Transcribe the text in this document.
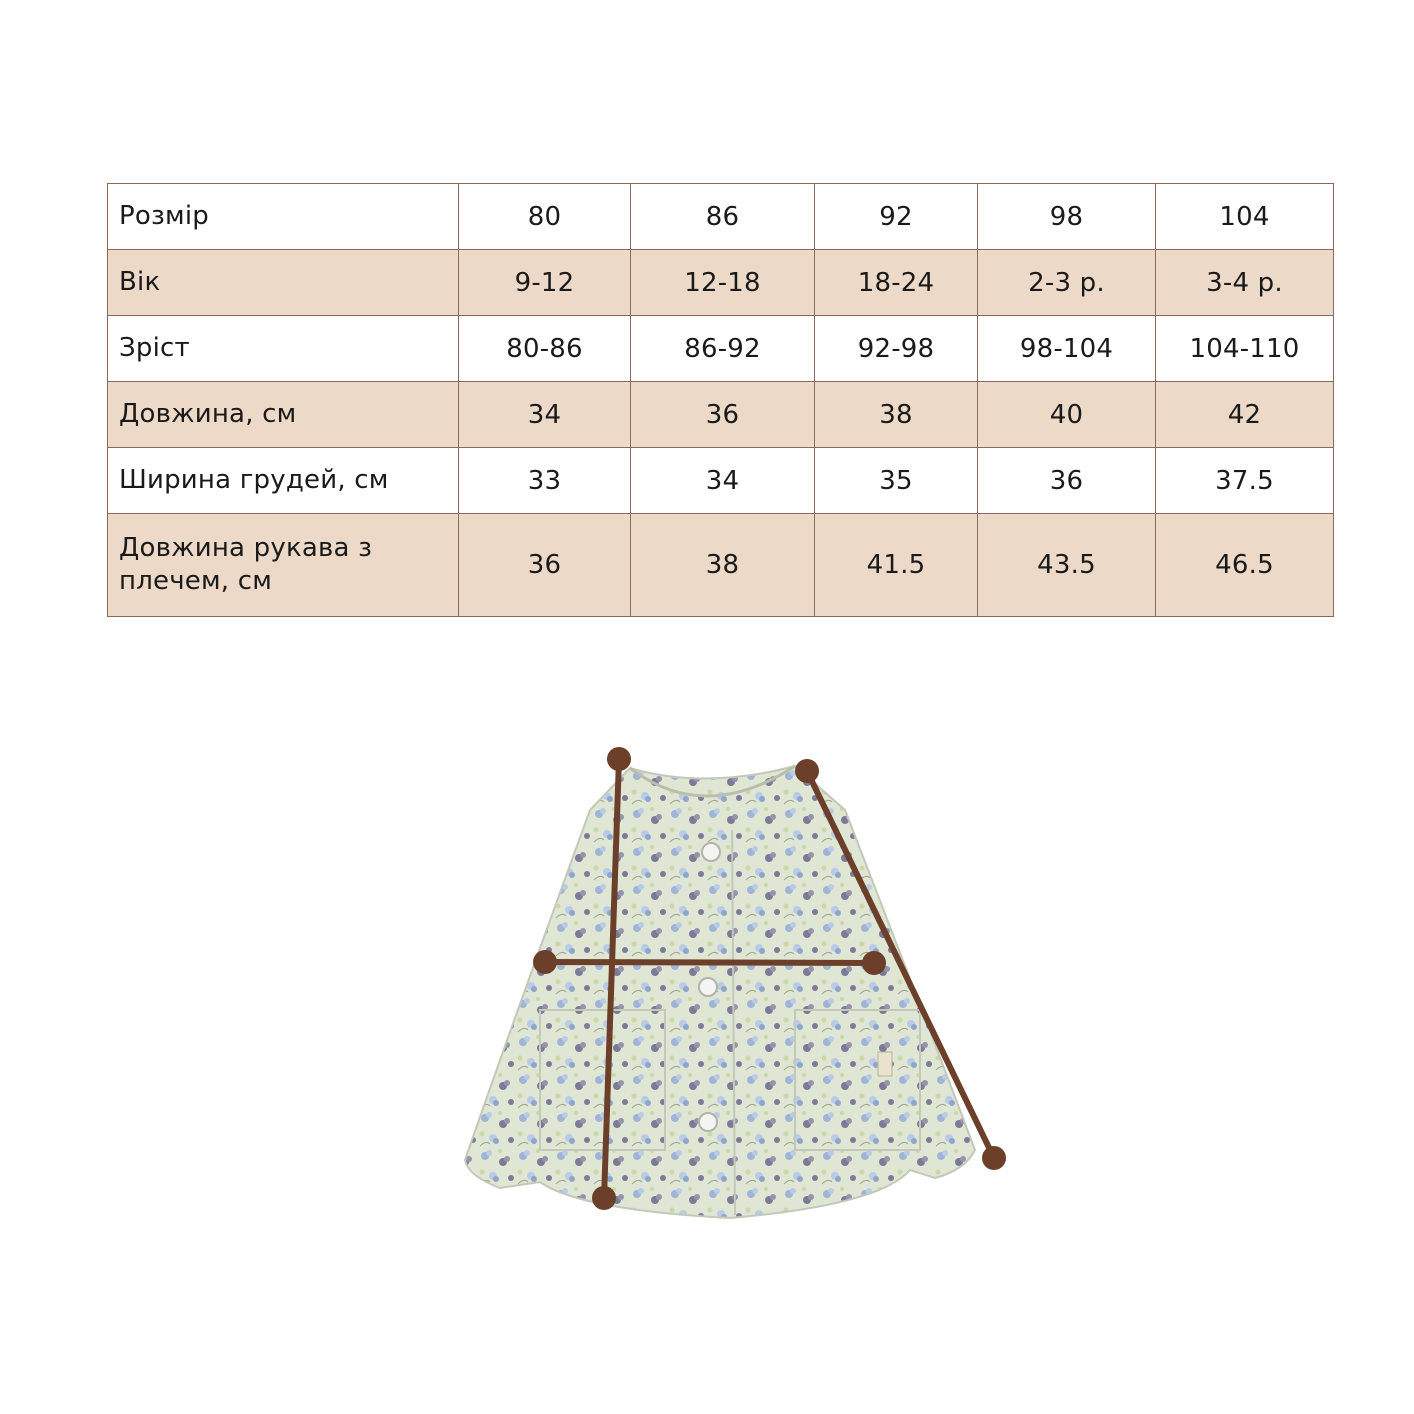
Розмір	80	86	92	98	104
Вік	9-12	12-18	18-24	2-3 р.	3-4 р.
Зріст	80-86	86-92	92-98	98-104	104-110
Довжина, см	34	36	38	40	42
Ширина грудей, см	33	34	35	36	37.5
Довжина рукава з плечем, см	36	38	41.5	43.5	46.5
